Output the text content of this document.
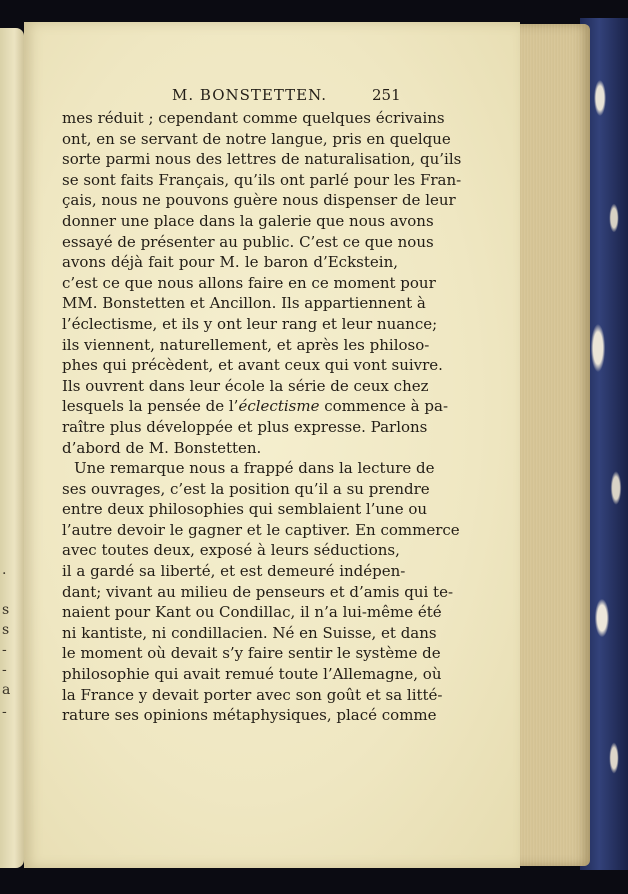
.
s
s
-
-
a
-
M. BONSTETTEN.	251
mes réduit ; cependant comme quelques écrivains
ont, en se servant de notre langue, pris en quelque
sorte parmi nous des lettres de naturalisation, qu’ils
se sont faits Français, qu’ils ont parlé pour les Fran-
çais, nous ne pouvons guère nous dispenser de leur
donner une place dans la galerie que nous avons
essayé de présenter au public. C’est ce que nous
avons déjà fait pour M. le baron d’Eckstein,
c’est ce que nous allons faire en ce moment pour
MM. Bonstetten et Ancillon. Ils appartiennent à
l’éclectisme, et ils y ont leur rang et leur nuance;
ils viennent, naturellement, et après les philoso-
phes qui précèdent, et avant ceux qui vont suivre.
Ils ouvrent dans leur école la série de ceux chez
lesquels la pensée de l’éclectisme commence à pa-
raître plus développée et plus expresse. Parlons
d’abord de M. Bonstetten.
Une remarque nous a frappé dans la lecture de
ses ouvrages, c’est la position qu’il a su prendre
entre deux philosophies qui semblaient l’une ou
l’autre devoir le gagner et le captiver. En commerce
avec toutes deux, exposé à leurs séductions,
il a gardé sa liberté, et est demeuré indépen-
dant; vivant au milieu de penseurs et d’amis qui te-
naient pour Kant ou Condillac, il n’a lui-même été
ni kantiste, ni condillacien. Né en Suisse, et dans
le moment où devait s’y faire sentir le système de
philosophie qui avait remué toute l’Allemagne, où
la France y devait porter avec son goût et sa litté-
rature ses opinions métaphysiques, placé comme
